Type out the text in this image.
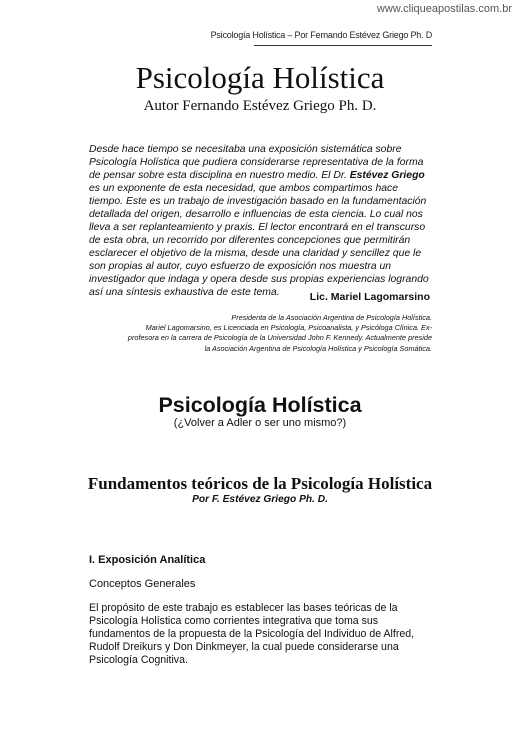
www.cliqueapostilas.com.br
Psicología Holística – Por Fernando Estévez Griego Ph. D
Psicología Holística
Autor Fernando Estévez Griego Ph. D.

Desde hace tiempo se necesitaba una exposición sistemática sobre Psicología Holística que pudiera considerarse representativa de la forma de pensar sobre esta disciplina en nuestro medio. El Dr. Estévez Griego es un exponente de esta necesidad, que ambos compartimos hace tiempo. Este es un trabajo de investigación basado en la fundamentación detallada del origen, desarrollo e influencias de esta ciencia. Lo cual nos lleva a ser replanteamiento y praxis. El lector encontrará en el transcurso de esta obra, un recorrido por diferentes concepciones que permitirán esclarecer el objetivo de la misma, desde una claridad y sencillez que le son propias al autor, cuyo esfuerzo de exposición nos muestra un investigador que indaga y opera desde sus propias experiencias logrando así una síntesis exhaustiva de este tema.	Lic. Mariel Lagomarsino
Presidenta de la Asociación Argentina de Psicología Holística.
Mariel Lagomarsino, es Licenciada en Psicología, Psicoanalista, y Psicóloga Clínica. Ex-
profesora en la carrera de Psicología de la Universidad John F. Kennedy. Actualmente preside
la Asociación Argentina de Psicología Holística y Psicología Somática.
Psicología Holística
(¿Volver a Adler o ser uno mismo?)
Fundamentos teóricos de la Psicología Holística
Por F. Estévez Griego Ph. D.
I. Exposición Analítica
Conceptos Generales

El propósito de este trabajo es establecer las bases teóricas de la Psicología Holística como corrientes integrativa que toma sus fundamentos de la propuesta de la Psicología del Individuo de Alfred, Rudolf Dreikurs y Don Dinkmeyer, la cual puede considerarse una Psicología Cognitiva.
